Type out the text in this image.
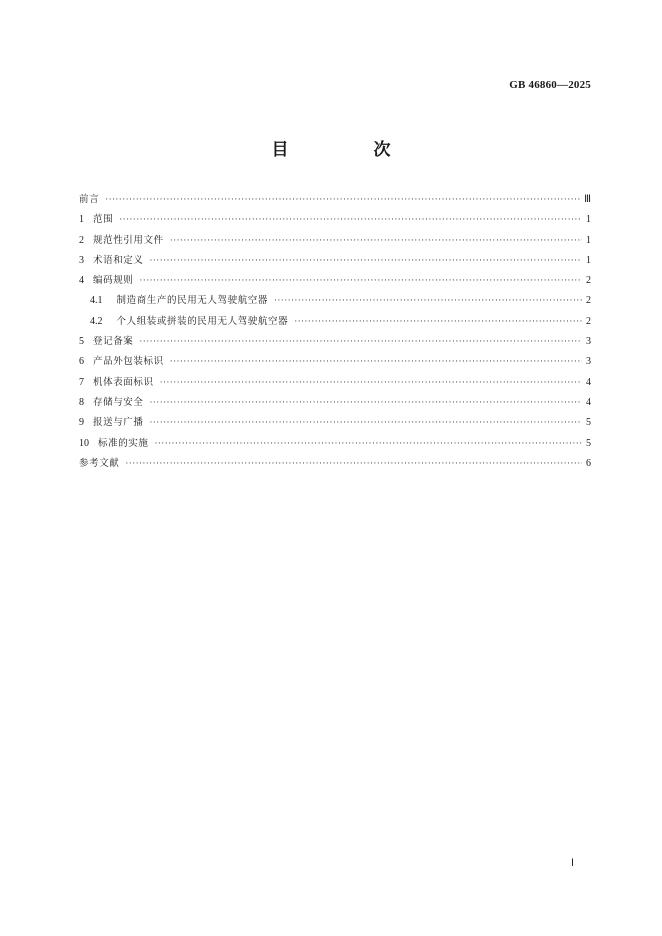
GB 46860—2025

目　次
前言 ·····	Ⅲ
1 范围 ·····	1
2 规范性引用文件 ·····	1
3 术语和定义 ·····	1
4 编码规则 ·····	2
4.1 制造商生产的民用无人驾驶航空器 ·····	2
4.2 个人组装或拼装的民用无人驾驶航空器 ·····	2
5 登记备案 ·····	3
6 产品外包装标识 ·····	3
7 机体表面标识 ·····	4
8 存储与安全 ·····	4
9 报送与广播 ·····	5
10 标准的实施 ·····	5
参考文献 ·····	6

Ⅰ
